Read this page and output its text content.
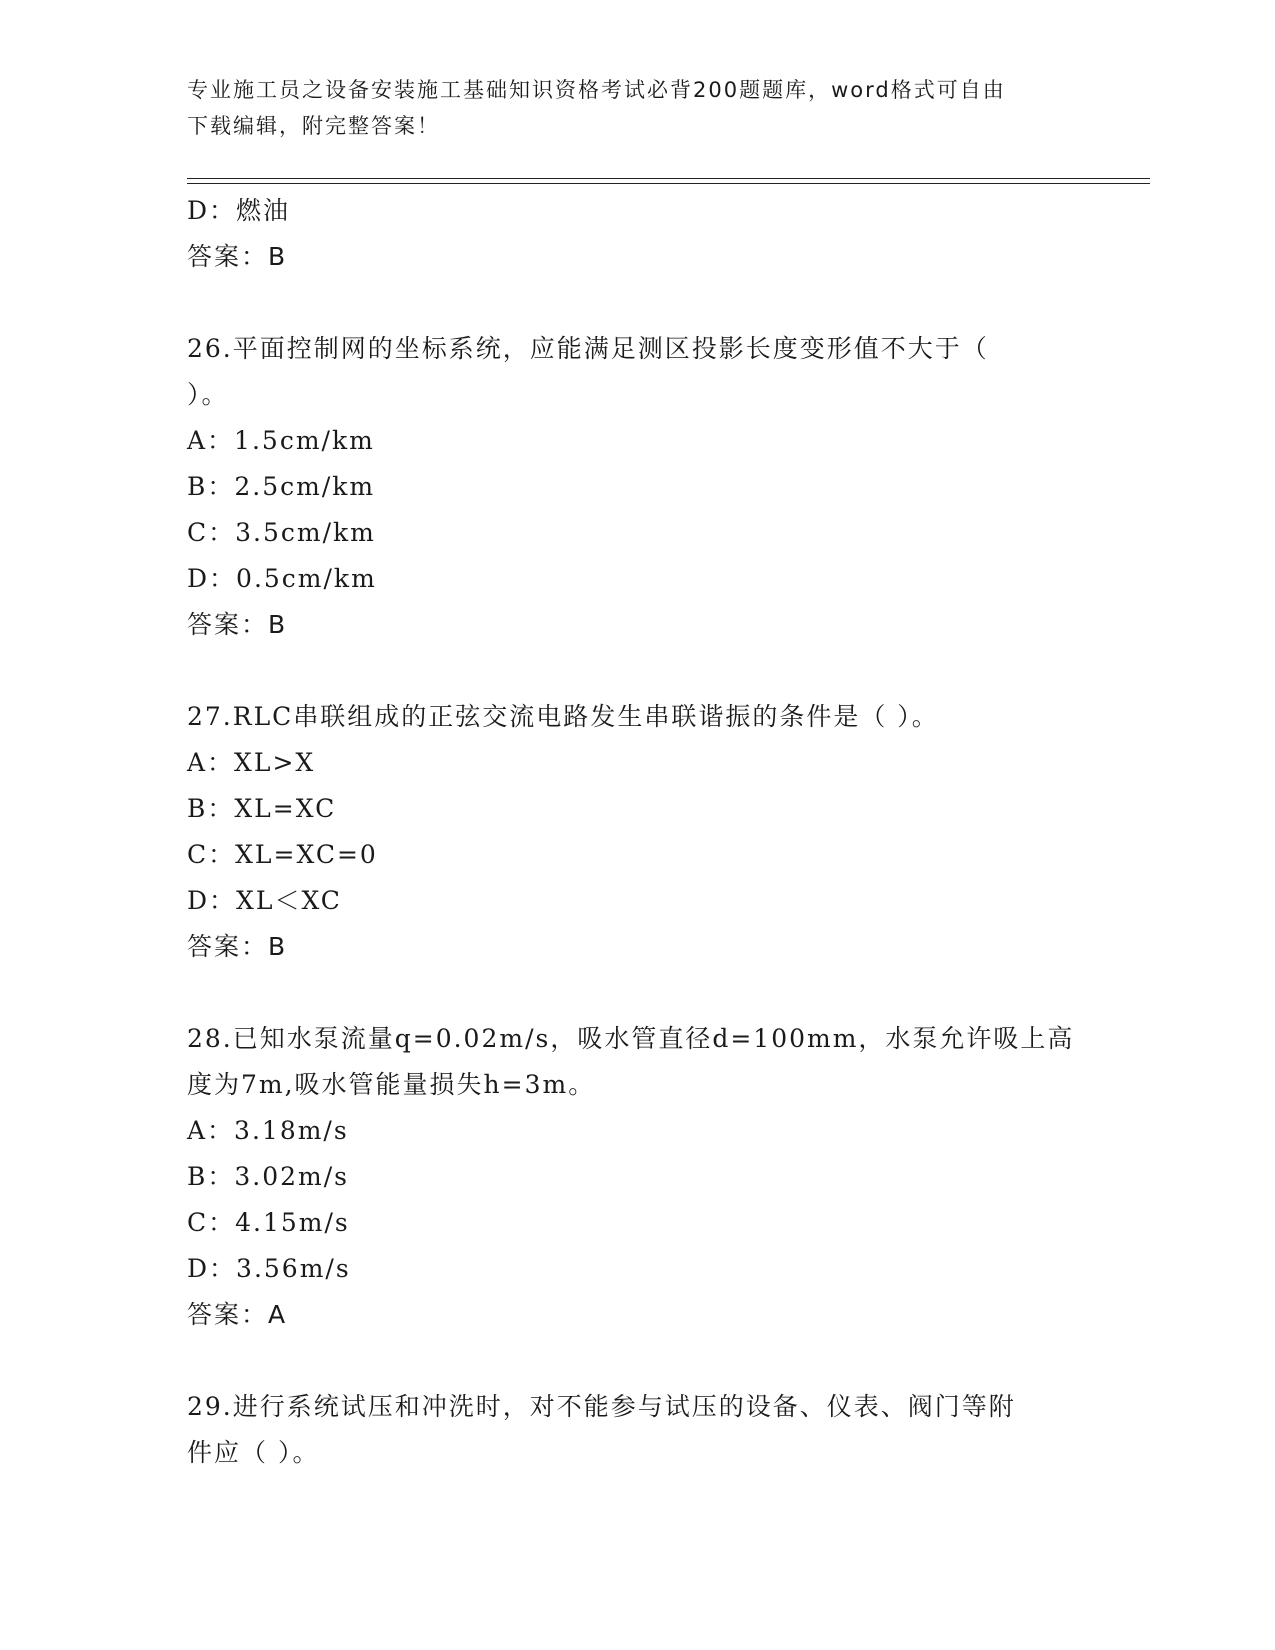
专业施工员之设备安装施工基础知识资格考试必背200题题库，word格式可自由
下载编辑，附完整答案！
D：燃油
答案：B
26.平面控制网的坐标系统，应能满足测区投影长度变形值不大于（
）。
A：1.5cm/km
B：2.5cm/km
C：3.5cm/km
D：0.5cm/km
答案：B
27.RLC串联组成的正弦交流电路发生串联谐振的条件是（ ）。
A：XL>X
B：XL=XC
C：XL=XC=0
D：XL＜XC
答案：B
28.已知水泵流量q=0.02m/s，吸水管直径d=100mm，水泵允许吸上高
度为7m,吸水管能量损失h=3m。
A：3.18m/s
B：3.02m/s
C：4.15m/s
D：3.56m/s
答案：A
29.进行系统试压和冲洗时，对不能参与试压的设备、仪表、阀门等附
件应（ ）。
